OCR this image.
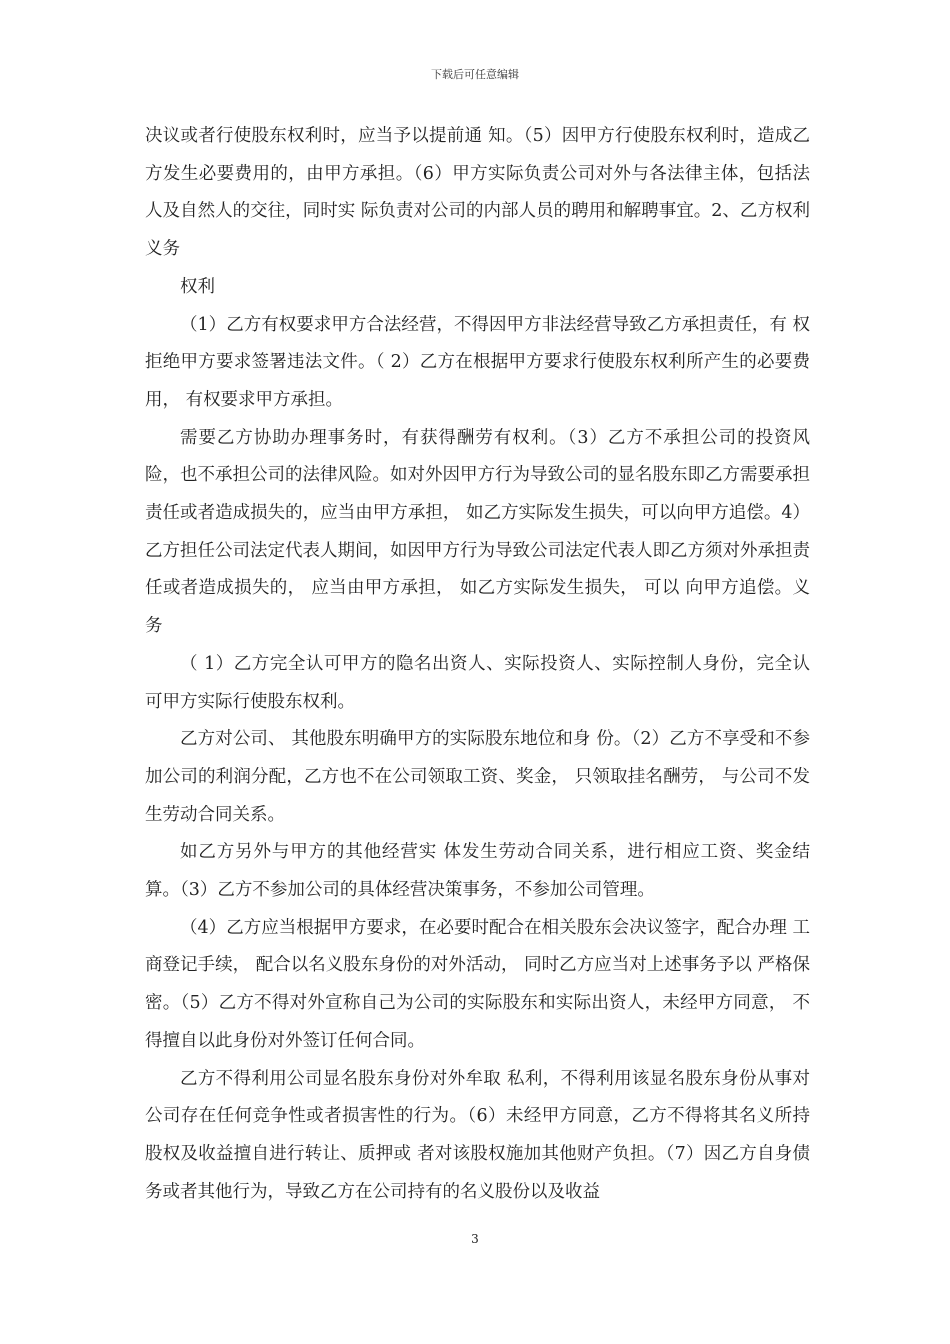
下载后可任意编辑

决议或者行使股东权利时，应当予以提前通 知。（5）因甲方行使股东权利时，造成乙方发生必要费用的，由甲方承担。（6）甲方实际负责公司对外与各法律主体，包括法人及自然人的交往，同时实 际负责对公司的内部人员的聘用和解聘事宜。2、乙方权利义务

权利

（1）乙方有权要求甲方合法经营，不得因甲方非法经营导致乙方承担责任，有 权拒绝甲方要求签署违法文件。（ 2）乙方在根据甲方要求行使股东权利所产生的必要费用， 有权要求甲方承担。

需要乙方协助办理事务时，有获得酬劳有权利。（3）乙方不承担公司的投资风险，也不承担公司的法律风险。如对外因甲方行为导致公司的显名股东即乙方需要承担责任或者造成损失的，应当由甲方承担， 如乙方实际发生损失，可以向甲方追偿。4）乙方担任公司法定代表人期间，如因甲方行为导致公司法定代表人即乙方须对外承担责任或者造成损失的， 应当由甲方承担， 如乙方实际发生损失， 可以 向甲方追偿。义务

（ 1）乙方完全认可甲方的隐名出资人、实际投资人、实际控制人身份，完全认 可甲方实际行使股东权利。

乙方对公司、 其他股东明确甲方的实际股东地位和身 份。（2）乙方不享受和不参加公司的利润分配，乙方也不在公司领取工资、奖金， 只领取挂名酬劳， 与公司不发生劳动合同关系。

如乙方另外与甲方的其他经营实 体发生劳动合同关系，进行相应工资、奖金结算。（3）乙方不参加公司的具体经营决策事务，不参加公司管理。

（4）乙方应当根据甲方要求，在必要时配合在相关股东会决议签字，配合办理 工商登记手续， 配合以名义股东身份的对外活动， 同时乙方应当对上述事务予以 严格保密。（5）乙方不得对外宣称自己为公司的实际股东和实际出资人，未经甲方同意， 不得擅自以此身份对外签订任何合同。

乙方不得利用公司显名股东身份对外牟取 私利，不得利用该显名股东身份从事对公司存在任何竞争性或者损害性的行为。（6）未经甲方同意，乙方不得将其名义所持股权及收益擅自进行转让、质押或 者对该股权施加其他财产负担。（7）因乙方自身债务或者其他行为，导致乙方在公司持有的名义股份以及收益

3
